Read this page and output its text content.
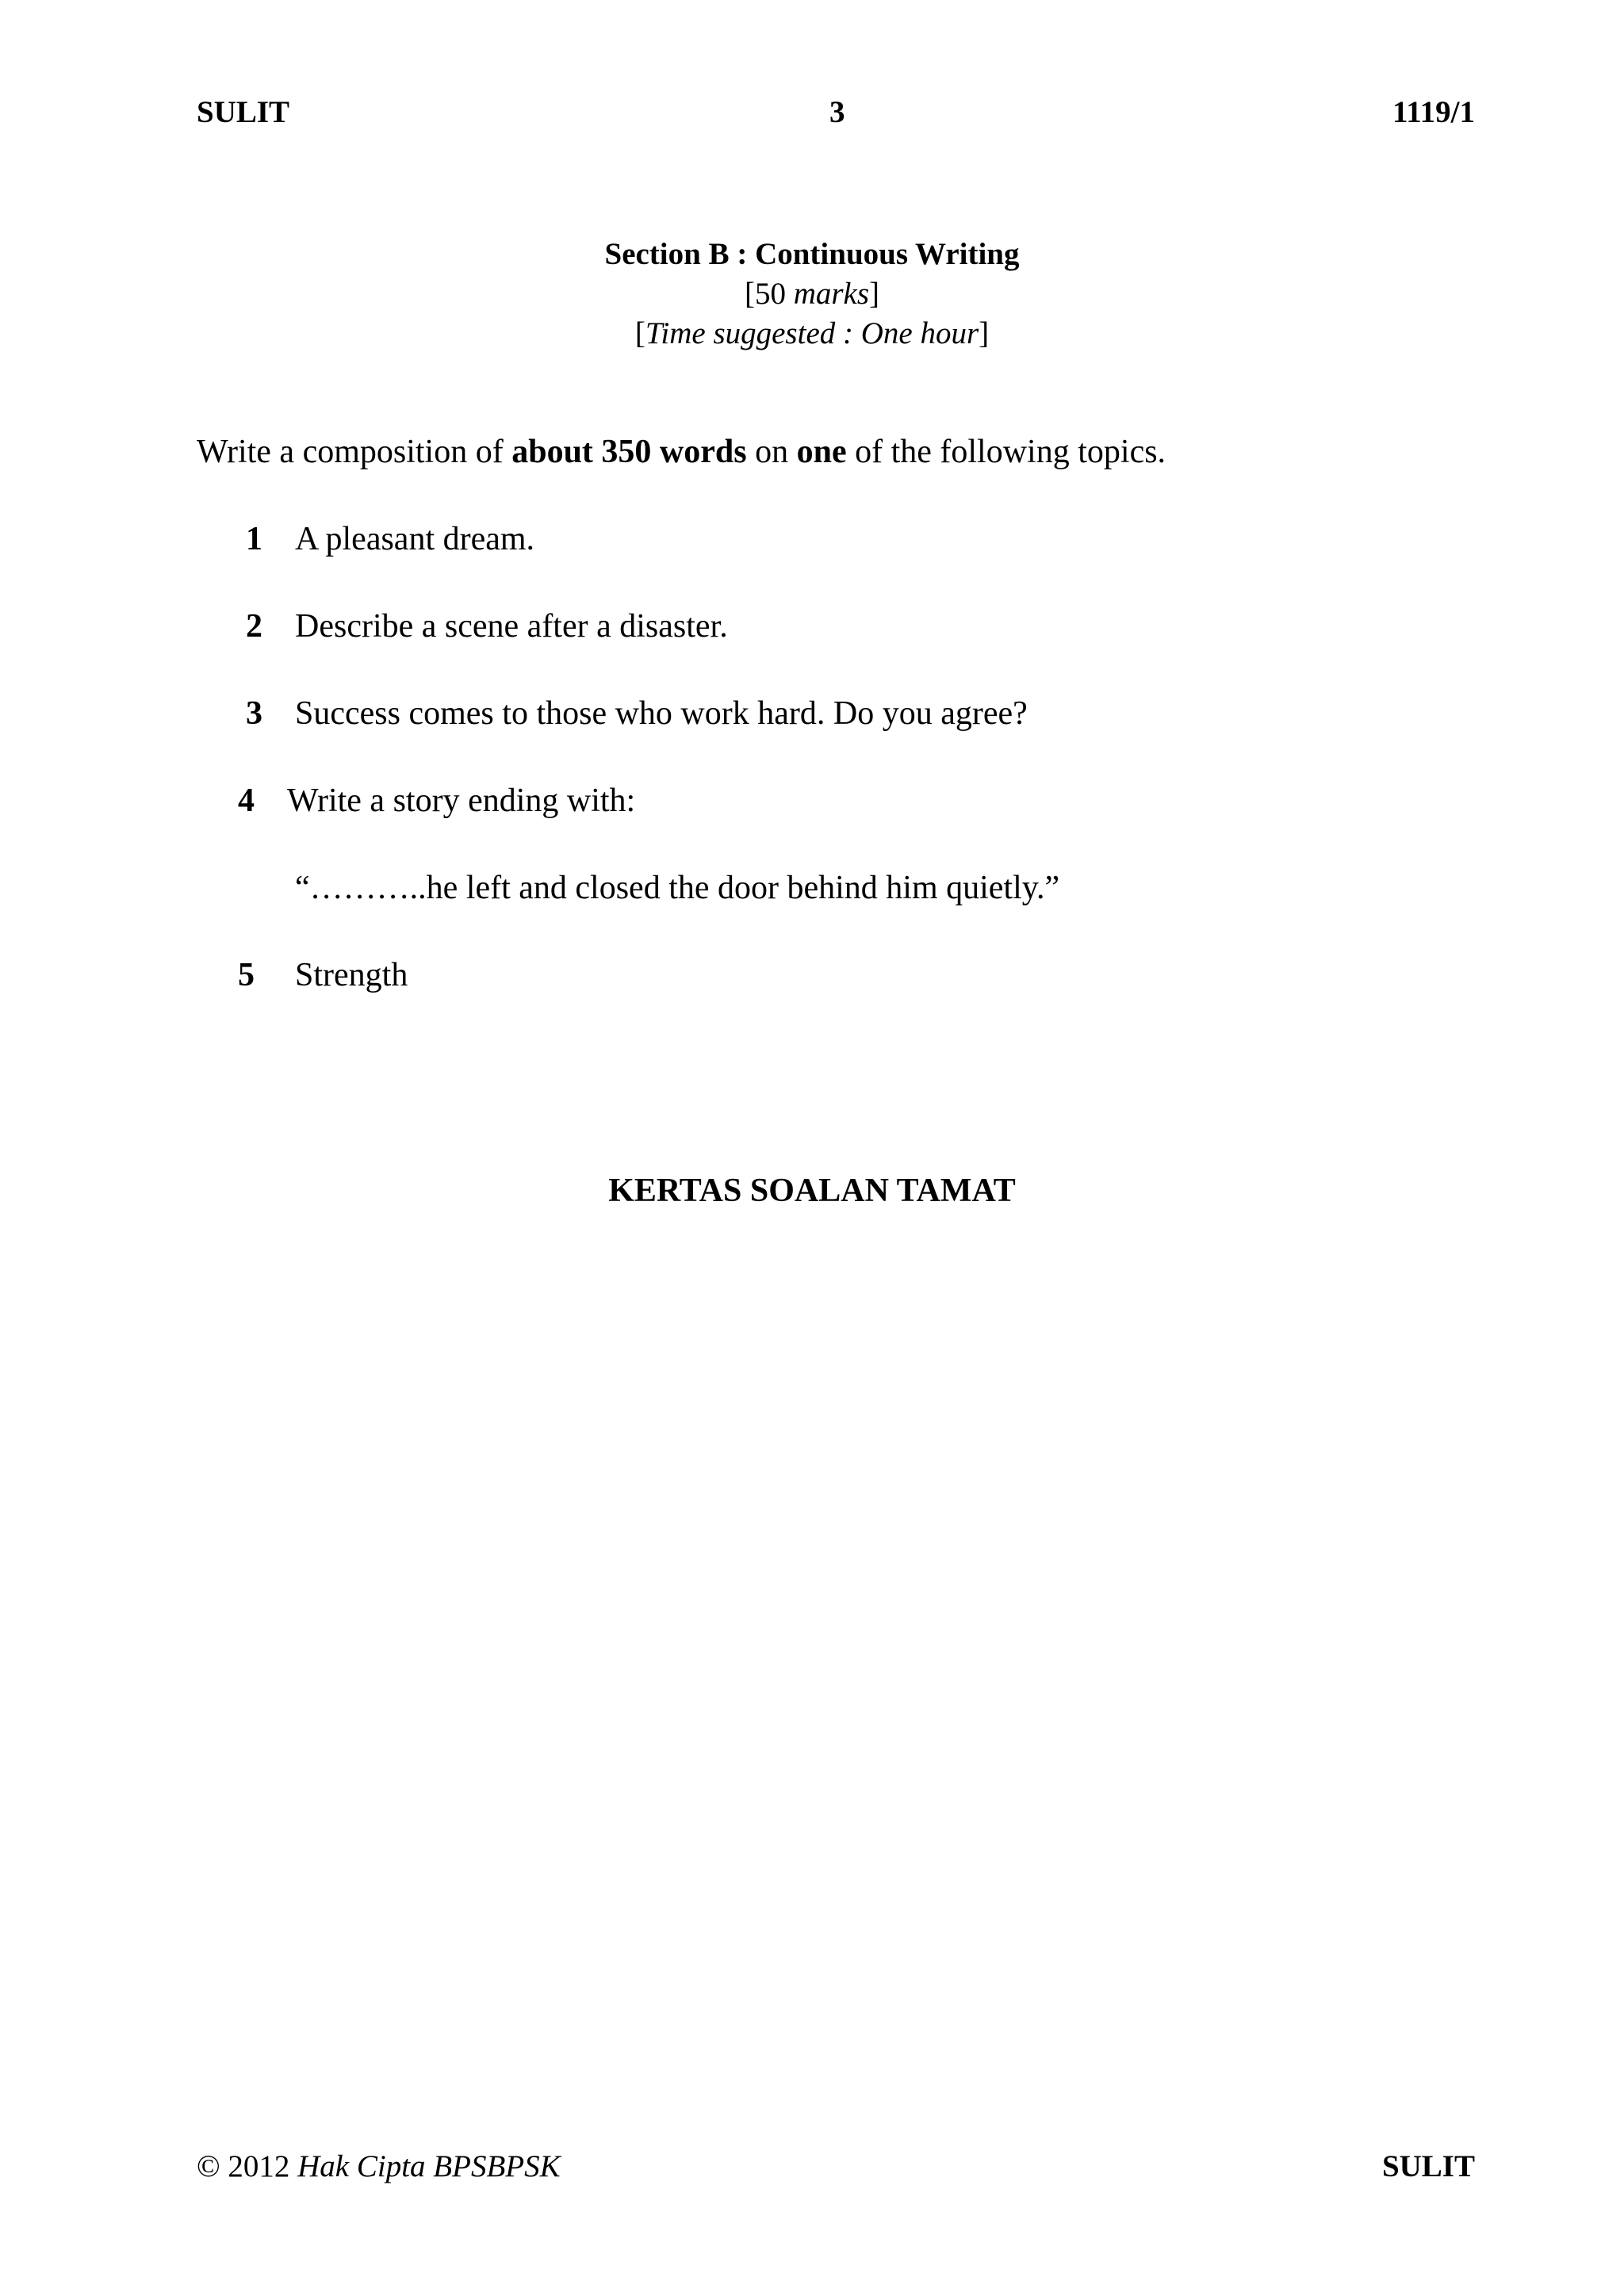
SULIT	3	1119/1
Section B : Continuous Writing
[50 marks]
[Time suggested : One hour]
Write a composition of about 350 words on one of the following topics.
1 A pleasant dream.
2 Describe a scene after a disaster.
3 Success comes to those who work hard. Do you agree?
4 Write a story ending with:
“………..he left and closed the door behind him quietly.”
5 Strength
KERTAS SOALAN TAMAT
© 2012 Hak Cipta BPSBPSK	SULIT
